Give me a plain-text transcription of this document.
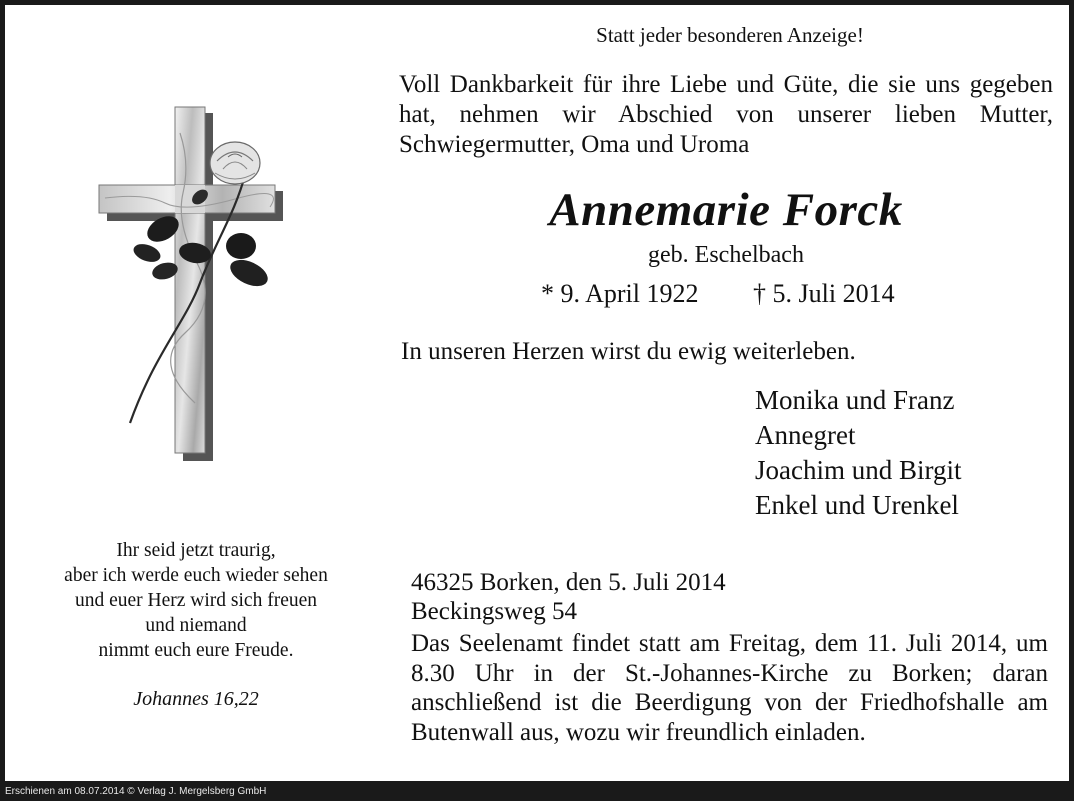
Statt jeder besonderen Anzeige!
Voll Dankbarkeit für ihre Liebe und Güte, die sie uns gegeben hat, nehmen wir Abschied von unserer lieben Mutter, Schwiegermutter, Oma und Uroma
Annemarie Forck
geb. Eschelbach
* 9. April 1922 † 5. Juli 2014
In unseren Herzen wirst du ewig weiterleben.
Monika und Franz
Annegret
Joachim und Birgit
Enkel und Urenkel
Ihr seid jetzt traurig,
aber ich werde euch wieder sehen
und euer Herz wird sich freuen
und niemand
nimmt euch eure Freude.
Johannes 16,22
46325 Borken, den 5. Juli 2014
Beckingsweg 54
Das Seelenamt findet statt am Freitag, dem 11. Juli 2014, um 8.30 Uhr in der St.-Johannes-Kirche zu Borken; daran anschließend ist die Beerdigung von der Friedhofshalle am Butenwall aus, wozu wir freundlich einladen.
Erschienen am 08.07.2014 © Verlag J. Mergelsberg GmbH
